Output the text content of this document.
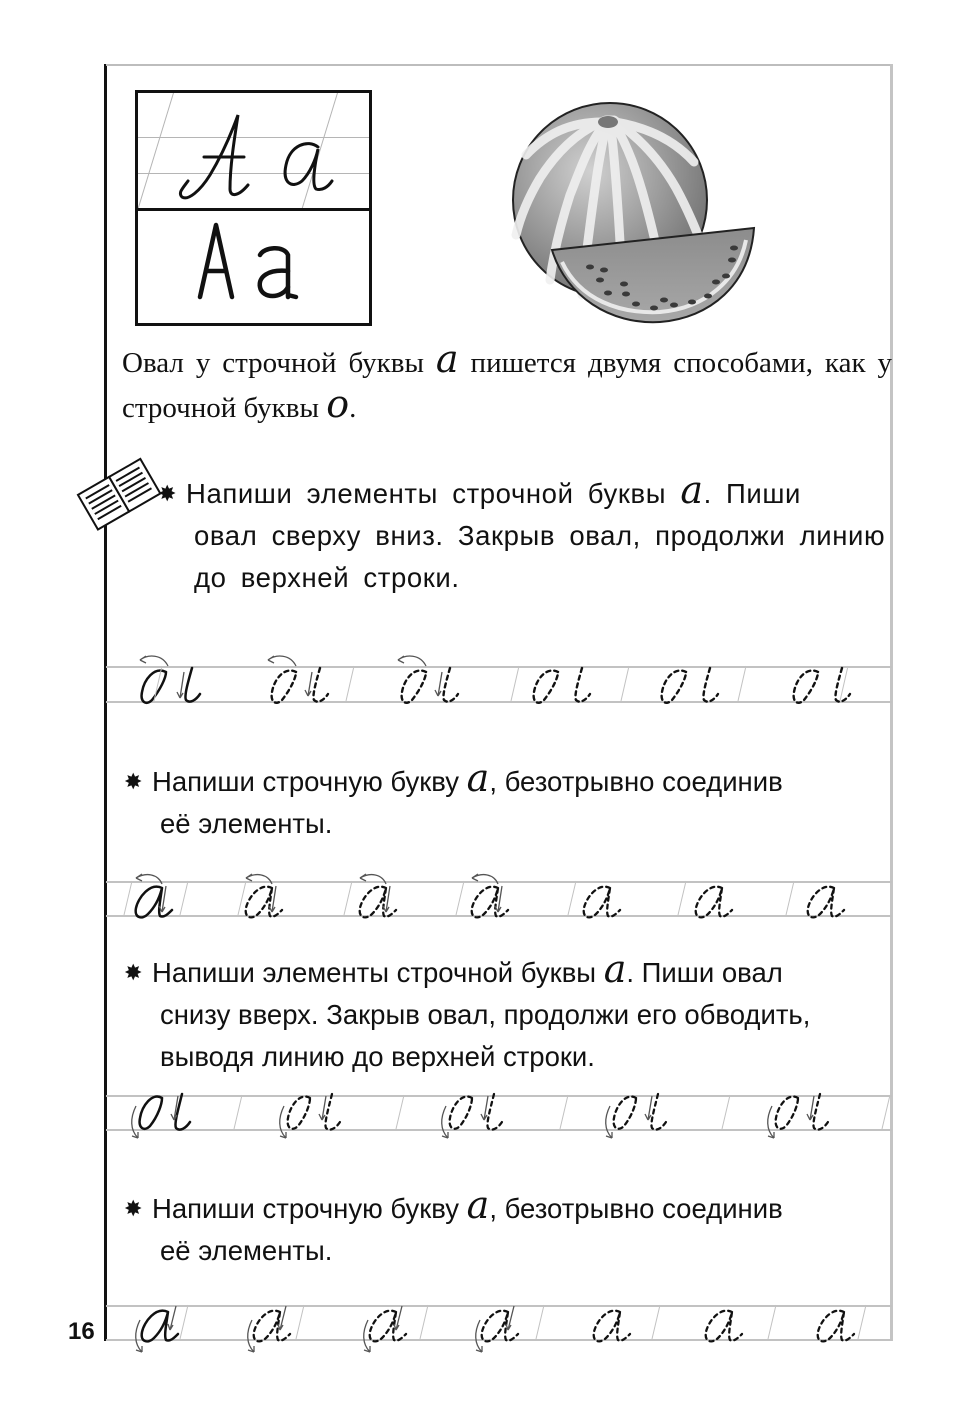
Овал у строчной буквы a пишется двумя способами, как у строчной буквы o.
✸ Напиши элементы строчной буквы a. Пиши
овал сверху вниз. Закрыв овал, продолжи линию до верхней строки.
✸ Напиши строчную букву a, безотрывно соединив
её элементы.
✸ Напиши элементы строчной буквы a. Пиши овал
снизу вверх. Закрыв овал, продолжи его обводить, выводя линию до верхней строки.
✸ Напиши строчную букву a, безотрывно соединив
её элементы.
16
